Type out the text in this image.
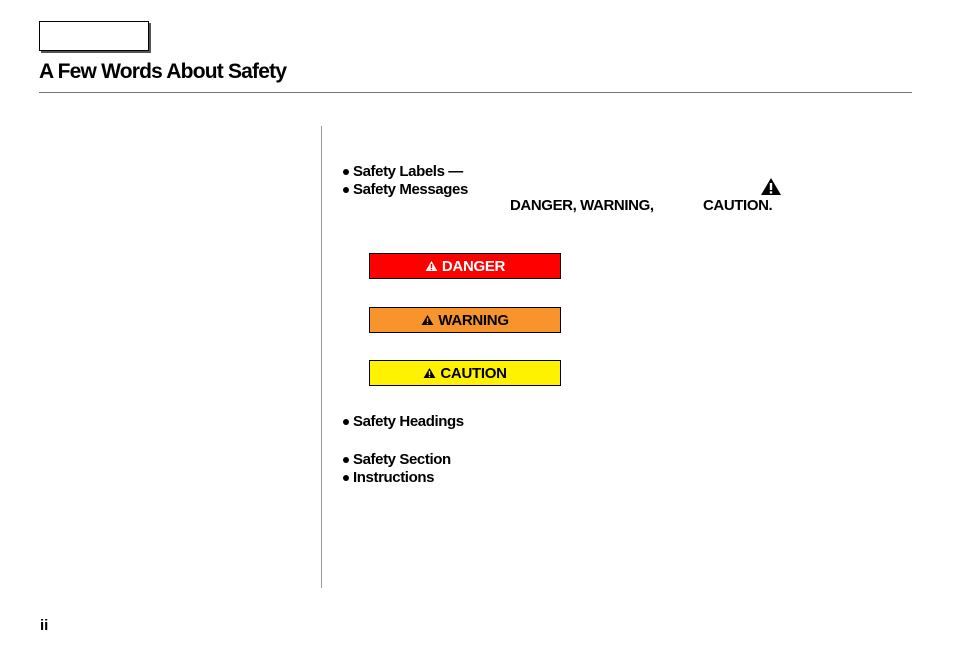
A Few Words About Safety
Safety Labels —
Safety Messages
DANGER, WARNING,	CAUTION.
DANGER
WARNING
CAUTION
Safety Headings
Safety Section
Instructions
ii
